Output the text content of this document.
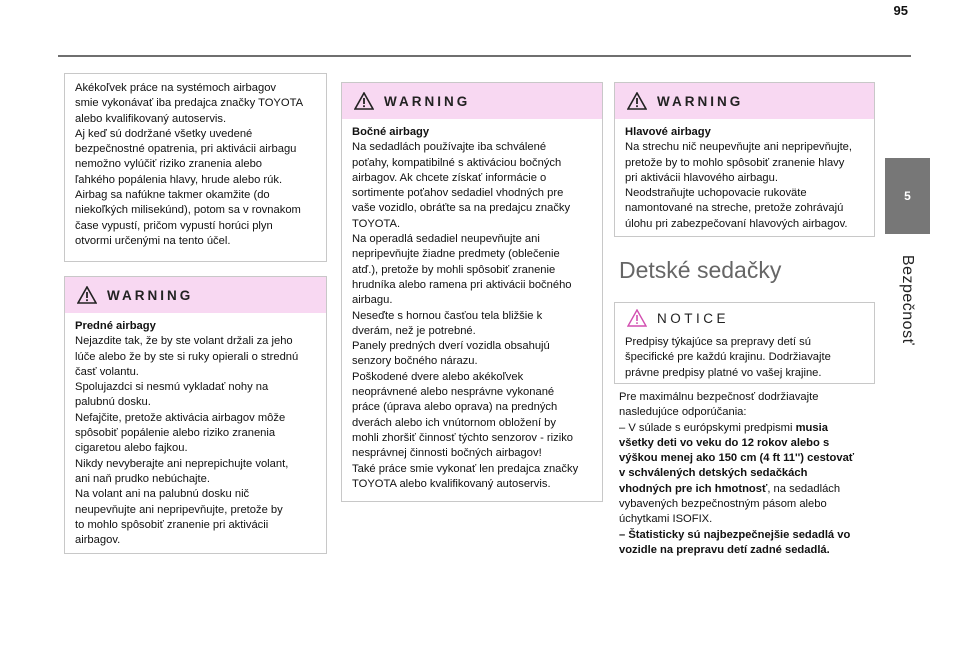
95
5
Bezpečnosť
Akékoľvek práce na systémoch airbagov
smie vykonávať iba predajca značky TOYOTA
alebo kvalifikovaný autoservis.
Aj keď sú dodržané všetky uvedené
bezpečnostné opatrenia, pri aktivácii airbagu
nemožno vylúčiť riziko zranenia alebo
ľahkého popálenia hlavy, hrude alebo rúk.
Airbag sa nafúkne takmer okamžite (do
niekoľkých milisekúnd), potom sa v rovnakom
čase vypustí, pričom vypustí horúci plyn
otvormi určenými na tento účel.
WARNING
Predné airbagy
Nejazdite tak, že by ste volant držali za jeho
lúče alebo že by ste si ruky opierali o strednú
časť volantu.
Spolujazdci si nesmú vykladať nohy na
palubnú dosku.
Nefajčite, pretože aktivácia airbagov môže
spôsobiť popálenie alebo riziko zranenia
cigaretou alebo fajkou.
Nikdy nevyberajte ani neprepichujte volant,
ani naň prudko nebúchajte.
Na volant ani na palubnú dosku nič
neupevňujte ani nepripevňujte, pretože by
to mohlo spôsobiť zranenie pri aktivácii
airbagov.
WARNING
Bočné airbagy
Na sedadlách používajte iba schválené
poťahy, kompatibilné s aktiváciou bočných
airbagov. Ak chcete získať informácie o
sortimente poťahov sedadiel vhodných pre
vaše vozidlo, obráťte sa na predajcu značky
TOYOTA.
Na operadlá sedadiel neupevňujte ani
nepripevňujte žiadne predmety (oblečenie
atď.), pretože by mohli spôsobiť zranenie
hrudníka alebo ramena pri aktivácii bočného
airbagu.
Neseďte s hornou časťou tela bližšie k
dverám, než je potrebné.
Panely predných dverí vozidla obsahujú
senzory bočného nárazu.
Poškodené dvere alebo akékoľvek
neoprávnené alebo nesprávne vykonané
práce (úprava alebo oprava) na predných
dverách alebo ich vnútornom obložení by
mohli zhoršiť činnosť týchto senzorov - riziko
nesprávnej činnosti bočných airbagov!
Také práce smie vykonať len predajca značky
TOYOTA alebo kvalifikovaný autoservis.
WARNING
Hlavové airbagy
Na strechu nič neupevňujte ani nepripevňujte,
pretože by to mohlo spôsobiť zranenie hlavy
pri aktivácii hlavového airbagu.
Neodstraňujte uchopovacie rukoväte
namontované na streche, pretože zohrávajú
úlohu pri zabezpečovaní hlavových airbagov.
Detské sedačky
NOTICE
Predpisy týkajúce sa prepravy detí sú
špecifické pre každú krajinu. Dodržiavajte
právne predpisy platné vo vašej krajine.
Pre maximálnu bezpečnosť dodržiavajte
nasledujúce odporúčania:
– V súlade s európskymi predpismi musia
všetky deti vo veku do 12 rokov alebo s
výškou menej ako 150 cm (4 ft 11'') cestovať
v schválených detských sedačkách
vhodných pre ich hmotnosť, na sedadlách
vybavených bezpečnostným pásom alebo
úchytkami ISOFIX.
– Štatisticky sú najbezpečnejšie sedadlá vo
vozidle na prepravu detí zadné sedadlá.
